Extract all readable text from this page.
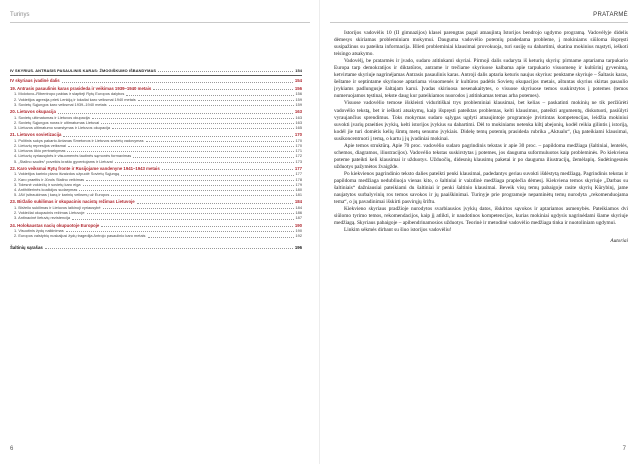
Turinys
IV SKYRIUS. ANTRASIS PASAULINIS KARAS: ŽMOGIŠKUMO IŠBANDYMAS	154
IV skyriaus įvadinė dalis	154
19. Antrasis pasaulinis karas prasideda ir veikimas 1939–1940 metais	156
1. Molotovo–Ribentropo paktas ir slaptieji Rytų Europos dalybos	156
2. Vokietijos agresija prieš Lenkiją ir lokaliai karo veiksmai 1940 metais	159
3. Sovietų Sąjungos karo veiksmai 1939–1940 metais	159
20. Lietuvos okupacija	163
1. Sovietų ultimatumas ir Lietuvos okupacija	163
2. Sovietų Sąjungos noras ir ultimatumas Lietuvai	163
3. Lietuvos ultimatumo svarstymas ir Lietuvos okupacija	165
21. Lietuvos sovietizacija	170
1. Politinis sukys pakarto Antanas Smetonos ir Lietuvos sovietų vadovymas	170
2. Lietuvių represijos veiksmai	170
3. Lietuvos ūkio pertvarkymas	171
4. Lietuvių vyriausybės ir visuomenės tautinės sąmonės formavimas	172
5. „Stalino saulės“ poveikis krašto gyventojams ir Lietuvai	173
22. Karo veiksmai Rytų fronte ir Rusijojame vandenyne 1941–1943 metais	177
1. Vokietijos karinio plano išvaizdos užpuolė Sovietų Sąjungą	177
2. Karo praeitis ir Jūrols Stalino veikimas	178
3. Tolesnė vokiečių ir sovietų karo eiga	179
4. Antihitlerinės koalicijos sudarymas	180
5. JAV įsitraukimas į karą ir karinių veiksmų už Europos	181
23. Biržalio sukilimas ir okupacinis nacistų režimas Lietuvoje	184
1. Birželio sukilimas ir Lietuvos laikinoji vyriausybė	184
2. Vokiečiai okupacinis režimas Lietuvoje	186
3. Antinacinė lietuvių rezistencija	187
24. Holokaustas nacių okupuotoje Europoje	190
1. Visuotinis žydų naikinimas	190
2. Europos valstybių nuskaijusi žydų tragedija Antrojo pasaulinio karo metais	192
Šaltinių sąrašas	196
6
PRATARMĖ

Istorijos vadovėlis 10 (II gimnazijos) klasei parengtas pagal atnaujintą Istorijos bendrojo ugdymo programą. Vadovėlyje didelis dėmesys skiriamas probleminiam mokymui. Dauguma vadovėlio potemių pradedama probleme, į mokiniams siūloma išspręsti susipažinus su pateikta informacija. Išlieti probleminiai klausimai provokuoja, turi susiję su dabartimi, skatina mokinius mąstyti, ieškoti teisingo atsakymo.

Vadovėlį, be pratarmės ir įvado, sudaro atitinkami skyriai. Pirmoji dalis sudaryta iš keturių skyrių: pirmame aptariama tarpukario Europa tarp demokratijos ir diktatūros, antrame ir trečiame skyriuose kalbama apie tarpukario visuomenę ir kultūrinį gyvenimą, ketvirtame skyriuje nagrinėjamas Antrasis pasaulinis karas. Antroji dalis aptaria keturis naujus skyrius: penktame skyriuje – Šaltasis karas, šeštame ir septintame skyriuose aptariama visuomenės ir kultūros padėtis Sovietų okupacijos metais, aštuntas skyrius skirtas pasaulio įvykiams padlungusje šaltajam karui. Įvadas skiriuosa nesenakaitytes, o visuose skyriuose temos suskirstytos į potemes (temos numeruojamos tęstinai, tekste daug kur pateikiamos nuorodos į atitinkamas temas arba potemes).

Visuose vadovėlio temose išskleisti viduritiškai trys probleminiai klausimai, bet kelias – paskatinti mokinių ne tik peržiūrėti vadovėlio tekstą, bet ir ieškoti atsakymų, kaip išspręsti pateiktas problemas, kelti klausimus, pateikti argumentų, diskutuoti, pasiūlyti vyraujančius sprendimus. Toks mokymas sudaro sąlygas ugdyti atnaujintoje programoje įtvirtintas kompetencijas, leidžia mokiniui suvokti įvarių praeities įvykių, kelti istorijos įvykius su dabartimi. Dėl to mokiniams netenka kiltį abejonių, kodėl reikia gilintis į istoriją, kodėl jie turi domėtis kelių šimtų metų senumo įvykiais. Didelę temų potemių prasideda rubrika „Aktualu“, (ką pateikiami klausimai, susikoncentruoti į temą, o kartu į jų įvadiniai mokinai.

Apie temos struktūrą. Apie 70 proc. vadovėlio sudaro pagrindinis tekstas ir apie 30 proc. – papildoma medžiaga (šaltiniai, lentelės, schemos, diagramos, iliustracijos). Vadovėlio tekstas suskirstytas į potemes, jos dauguma suformuluotos kaip probleminės. Po kiekviena poteme pateikti keli klausimai ir užduotys. Užduočių, didesnių klausimų paketai ir po dauguma iliustracijų, žemėlapių. Sudėtingesnės užduotys pažymėtos žvaigžde.

Po kiekvienos pagrindinio teksto dalies pateikti penki klausimai, padedantys geriau suvokti išdėstytą medžiagą. Pagrindinis tekstas ir papildoma medžiaga nedubliuoja vienas kito, o šaltiniai ir vaizdinė medžiaga praplečia dėmesį. Kiekviena temos skyriuje „Darbas su šaltiniais“ dažniausiai pateikiami du šaltiniai ir penki šaltinio klausimai. Beveik visų temų pabaigoje rasite skyrių Kūrybinį, jame naujatytos surbalyvinių ros temos savokos ir jų paaiškinimai. Turinyje prie programoje nepaminėtų temų nurodyta „rekomenduojama tema“, o jų pavadinimai išskirti pasvirųjų šriftu.

Kiekvieno skyriaus pradžioje nurodytos svarbiausios įvykių datos, išskirtos sąvokos ir aptariamos asmenybės. Pateikiamos dvi siūlomo tyrimo temos, rekomendacijos, kaip jį atlikti, ir naudotinos kompetencijos, kurias mokiniai ugdysis nagrinėdami šiame skyriuje medžiagą. Skyriaus pabaigoje – apibendrinamosios užduotys. Teorinė ir metodinė vadovėlio medžiaga tinka ir nuotoliniam ugdymui.

Linkim sėkmės dirbant su šiuo istorijos vadovėliu!

Autoriai

7
